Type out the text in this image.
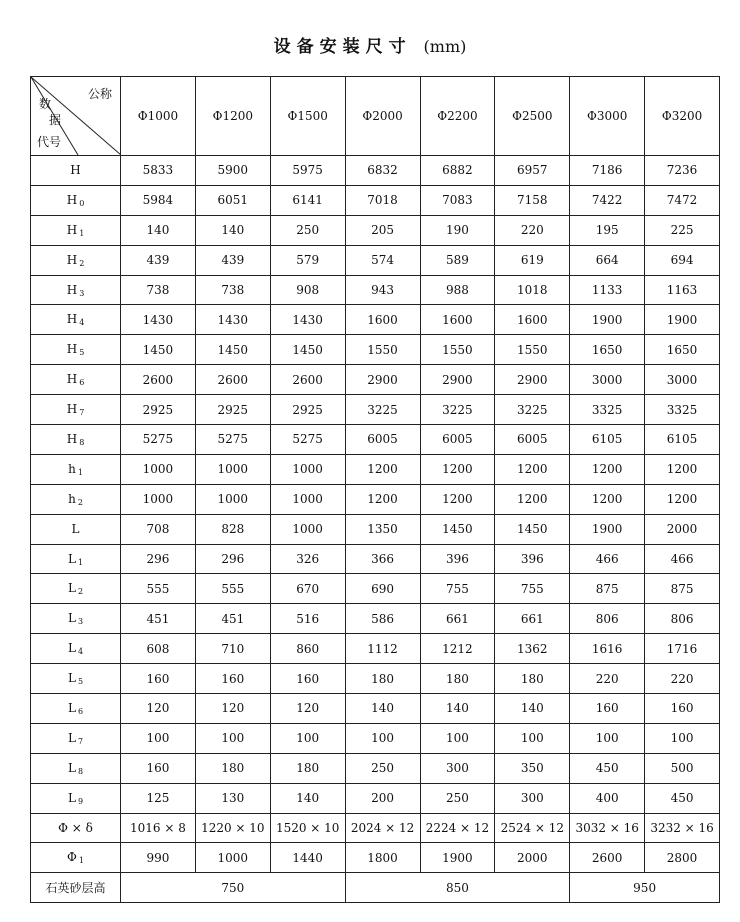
设备安装尺寸 (mm)
公称
数
据
代号	Φ1000	Φ1200	Φ1500	Φ2000	Φ2200	Φ2500	Φ3000	Φ3200
H	5833	5900	5975	6832	6882	6957	7186	7236
H $_0$	5984	6051	6141	7018	7083	7158	7422	7472
H $_1$	140	140	250	205	190	220	195	225
H $_2$	439	439	579	574	589	619	664	694
H $_3$	738	738	908	943	988	1018	1133	1163
H $_4$	1430	1430	1430	1600	1600	1600	1900	1900
H $_5$	1450	1450	1450	1550	1550	1550	1650	1650
H $_6$	2600	2600	2600	2900	2900	2900	3000	3000
H $_7$	2925	2925	2925	3225	3225	3225	3325	3325
H $_8$	5275	5275	5275	6005	6005	6005	6105	6105
h $_1$	1000	1000	1000	1200	1200	1200	1200	1200
h $_2$	1000	1000	1000	1200	1200	1200	1200	1200
L	708	828	1000	1350	1450	1450	1900	2000
L $_1$	296	296	326	366	396	396	466	466
L $_2$	555	555	670	690	755	755	875	875
L $_3$	451	451	516	586	661	661	806	806
L $_4$	608	710	860	1112	1212	1362	1616	1716
L $_5$	160	160	160	180	180	180	220	220
L $_6$	120	120	120	140	140	140	160	160
L $_7$	100	100	100	100	100	100	100	100
L $_8$	160	180	180	250	300	350	450	500
L $_9$	125	130	140	200	250	300	400	450
Φ × δ	1016 × 8	1220 × 10	1520 × 10	2024 × 12	2224 × 12	2524 × 12	3032 × 16	3232 × 16
Φ $_1$	990	1000	1440	1800	1900	2000	2600	2800
石英砂层高	750			850			950	
